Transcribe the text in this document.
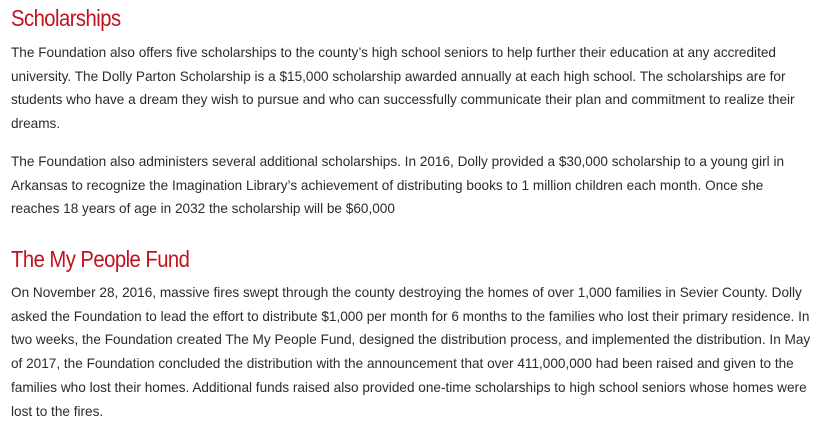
Scholarships

The Foundation also offers five scholarships to the county’s high school seniors to help further their education at any accredited university. The Dolly Parton Scholarship is a $15,000 scholarship awarded annually at each high school. The scholarships are for students who have a dream they wish to pursue and who can successfully communicate their plan and commitment to realize their dreams.

The Foundation also administers several additional scholarships. In 2016, Dolly provided a $30,000 scholarship to a young girl in Arkansas to recognize the Imagination Library’s achievement of distributing books to 1 million children each month. Once she reaches 18 years of age in 2032 the scholarship will be $60,000

The My People Fund

On November 28, 2016, massive fires swept through the county destroying the homes of over 1,000 families in Sevier County. Dolly asked the Foundation to lead the effort to distribute $1,000 per month for 6 months to the families who lost their primary residence. In two weeks, the Foundation created The My People Fund, designed the distribution process, and implemented the distribution. In May of 2017, the Foundation concluded the distribution with the announcement that over 411,000,000 had been raised and given to the families who lost their homes. Additional funds raised also provided one-time scholarships to high school seniors whose homes were lost to the fires.
